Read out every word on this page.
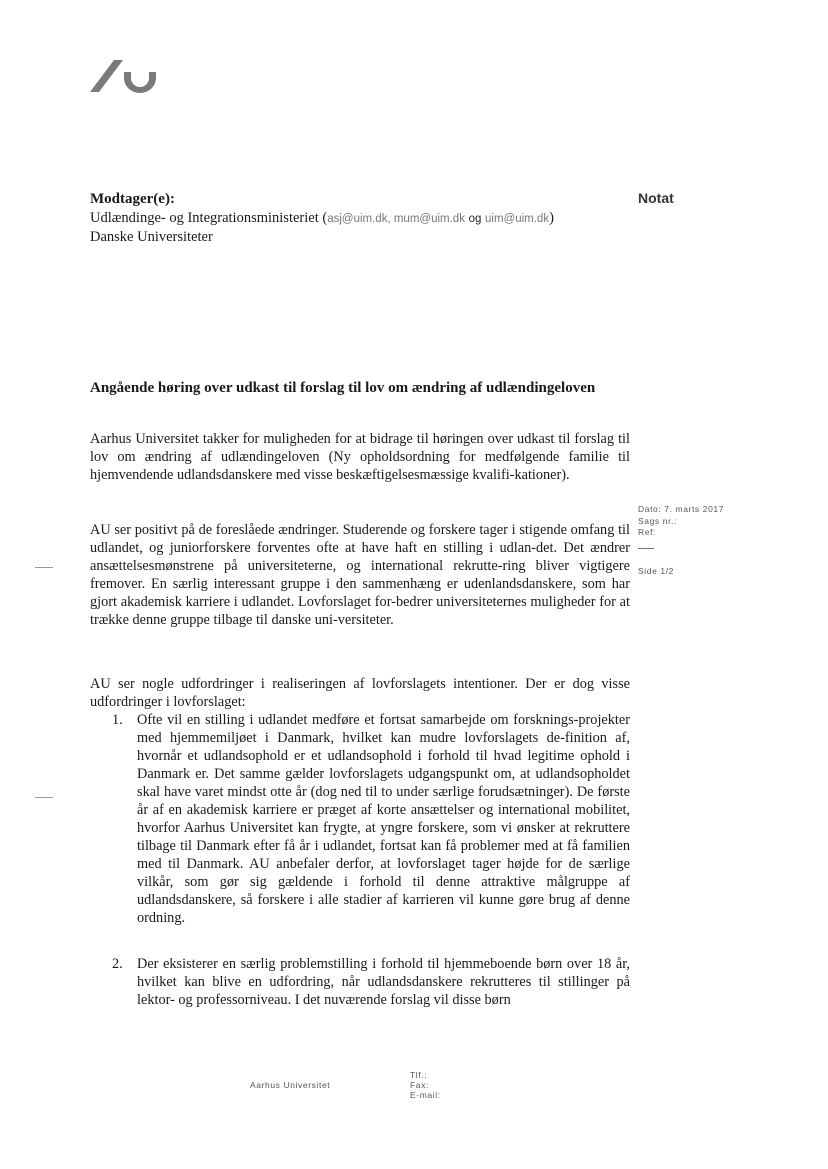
Modtager(e):
Udlændinge- og Integrationsministeriet (asj@uim.dk, mum@uim.dk og uim@uim.dk)
Danske Universiteter
Notat
Angående høring over udkast til forslag til lov om ændring af udlændingeloven

Aarhus Universitet takker for muligheden for at bidrage til høringen over udkast til forslag til lov om ændring af udlændingeloven (Ny opholdsordning for medfølgende familie til hjemvendende udlandsdanskere med visse beskæftigelsesmæssige kvalifi-kationer).

AU ser positivt på de foreslåede ændringer. Studerende og forskere tager i stigende omfang til udlandet, og juniorforskere forventes ofte at have haft en stilling i udlan-det. Det ændrer ansættelsesmønstrene på universiteterne, og international rekrutte-ring bliver vigtigere fremover. En særlig interessant gruppe i den sammenhæng er udenlandsdanskere, som har gjort akademisk karriere i udlandet. Lovforslaget for-bedrer universiteternes muligheder for at trække denne gruppe tilbage til danske uni-versiteter.

AU ser nogle udfordringer i realiseringen af lovforslagets intentioner. Der er dog visse udfordringer i lovforslaget:

1. Ofte vil en stilling i udlandet medføre et fortsat samarbejde om forsknings-projekter med hjemmemiljøet i Danmark, hvilket kan mudre lovforslagets de-finition af, hvornår et udlandsophold er et udlandsophold i forhold til hvad legitime ophold i Danmark er. Det samme gælder lovforslagets udgangspunkt om, at udlandsopholdet skal have varet mindst otte år (dog ned til to under særlige forudsætninger). De første år af en akademisk karriere er præget af korte ansættelser og international mobilitet, hvorfor Aarhus Universitet kan frygte, at yngre forskere, som vi ønsker at rekruttere tilbage til Danmark efter få år i udlandet, fortsat kan få problemer med at få familien med til Danmark. AU anbefaler derfor, at lovforslaget tager højde for de særlige vilkår, som gør sig gældende i forhold til denne attraktive målgruppe af udlandsdanskere, så forskere i alle stadier af karrieren vil kunne gøre brug af denne ordning.
2. Der eksisterer en særlig problemstilling i forhold til hjemmeboende børn over 18 år, hvilket kan blive en udfordring, når udlandsdanskere rekrutteres til stillinger på lektor- og professorniveau. I det nuværende forslag vil disse børn
Dato: 7. marts 2017
Sags nr.:
Ref:
Side 1/2
Aarhus Universitet
Tlf.:
Fax:
E-mail:
